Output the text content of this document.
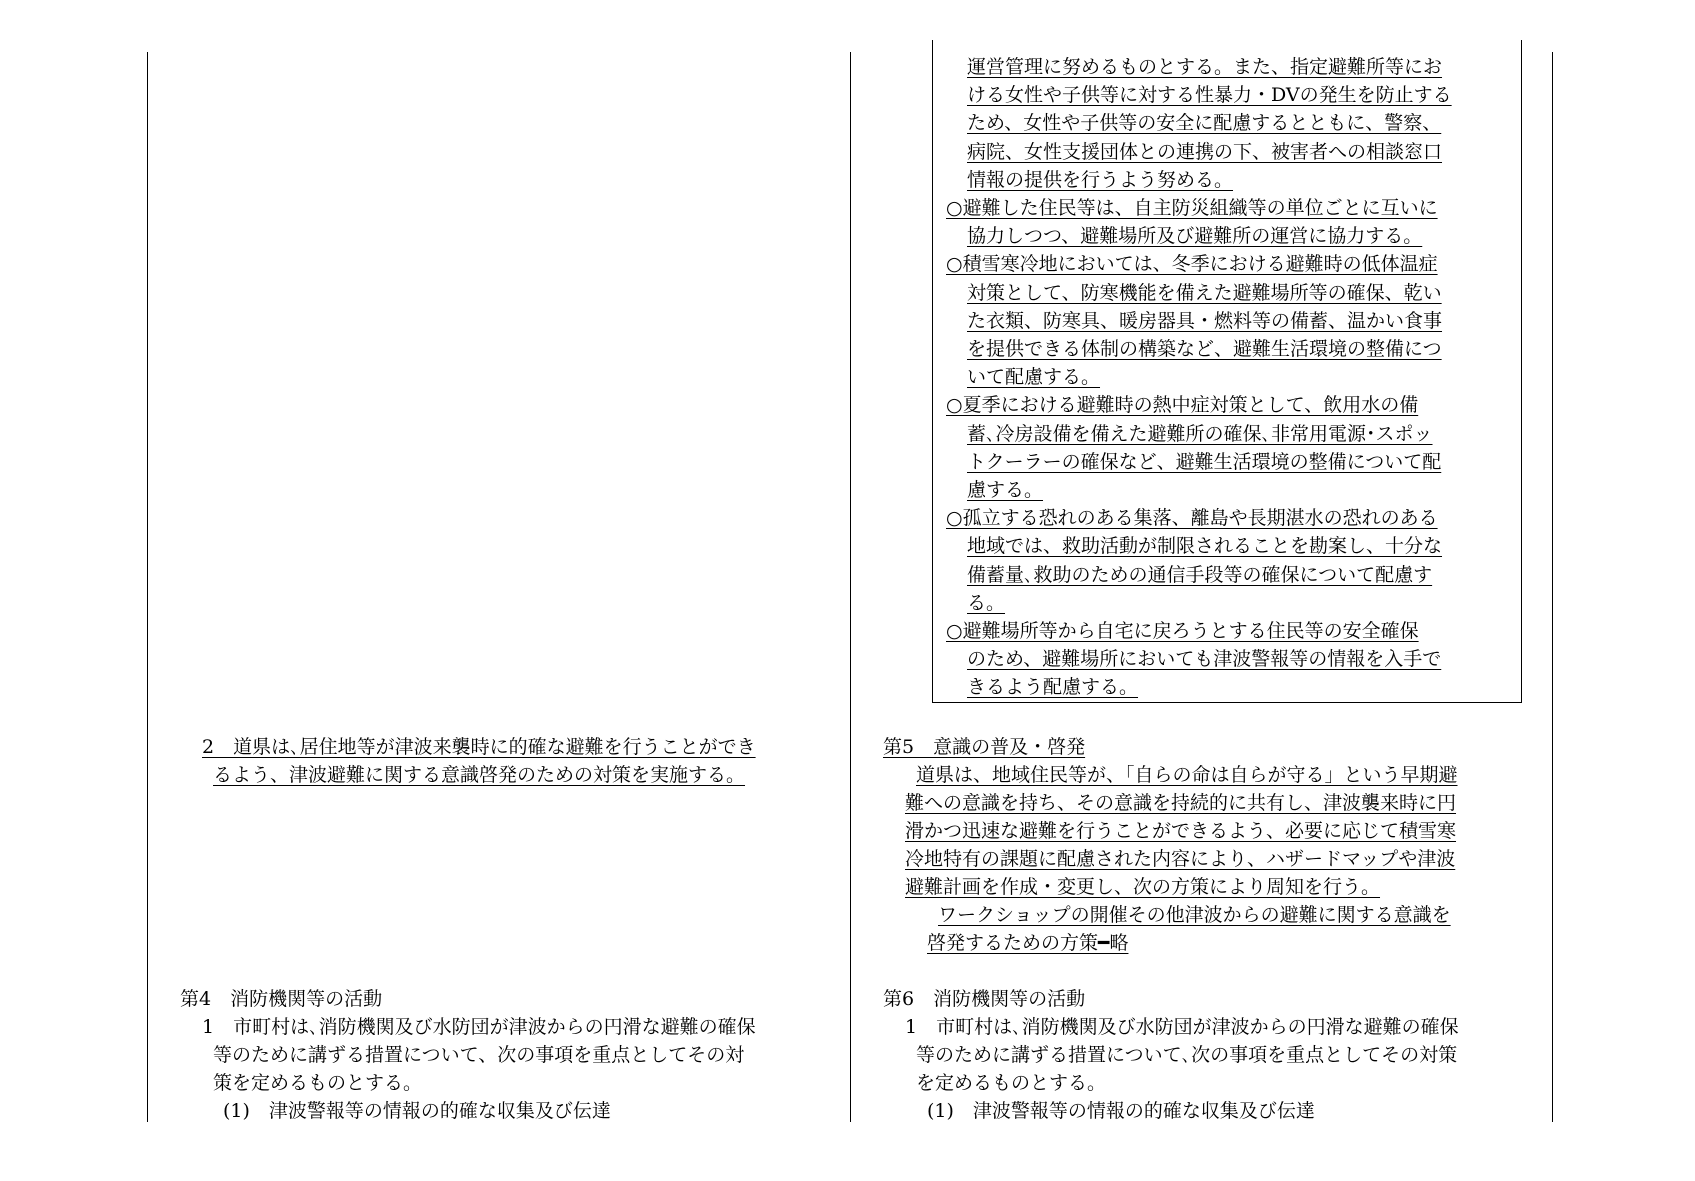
2　道県は､居住地等が津波来襲時に的確な避難を行うことができ
るよう、津波避難に関する意識啓発のための対策を実施する。
第4　消防機関等の活動
1　市町村は､消防機関及び水防団が津波からの円滑な避難の確保
等のために講ずる措置について、次の事項を重点としてその対
策を定めるものとする。
(1)　津波警報等の情報の的確な収集及び伝達
運営管理に努めるものとする。また、指定避難所等にお
ける女性や子供等に対する性暴力・DVの発生を防止する
ため、女性や子供等の安全に配慮するとともに、警察、
病院、女性支援団体との連携の下、被害者への相談窓口
情報の提供を行うよう努める。
○避難した住民等は、自主防災組織等の単位ごとに互いに
協力しつつ、避難場所及び避難所の運営に協力する。
○積雪寒冷地においては、冬季における避難時の低体温症
対策として、防寒機能を備えた避難場所等の確保、乾い
た衣類、防寒具、暖房器具・燃料等の備蓄、温かい食事
を提供できる体制の構築など、避難生活環境の整備につ
いて配慮する。
○夏季における避難時の熱中症対策として、飲用水の備
蓄､冷房設備を備えた避難所の確保､非常用電源･スポッ
トクーラーの確保など、避難生活環境の整備について配
慮する。
○孤立する恐れのある集落、離島や長期湛水の恐れのある
地域では、救助活動が制限されることを勘案し、十分な
備蓄量､救助のための通信手段等の確保について配慮す
る。
○避難場所等から自宅に戻ろうとする住民等の安全確保
のため、避難場所においても津波警報等の情報を入手で
きるよう配慮する。
第5　意識の普及・啓発
道県は、地域住民等が、「自らの命は自らが守る」という早期避
難への意識を持ち、その意識を持続的に共有し、津波襲来時に円
滑かつ迅速な避難を行うことができるよう、必要に応じて積雪寒
冷地特有の課題に配慮された内容により、ハザードマップや津波
避難計画を作成・変更し、次の方策により周知を行う。
ワークショップの開催その他津波からの避難に関する意識を
啓発するための方策━略
第6　消防機関等の活動
1　市町村は､消防機関及び水防団が津波からの円滑な避難の確保
等のために講ずる措置について､次の事項を重点としてその対策
を定めるものとする。
(1)　津波警報等の情報の的確な収集及び伝達
